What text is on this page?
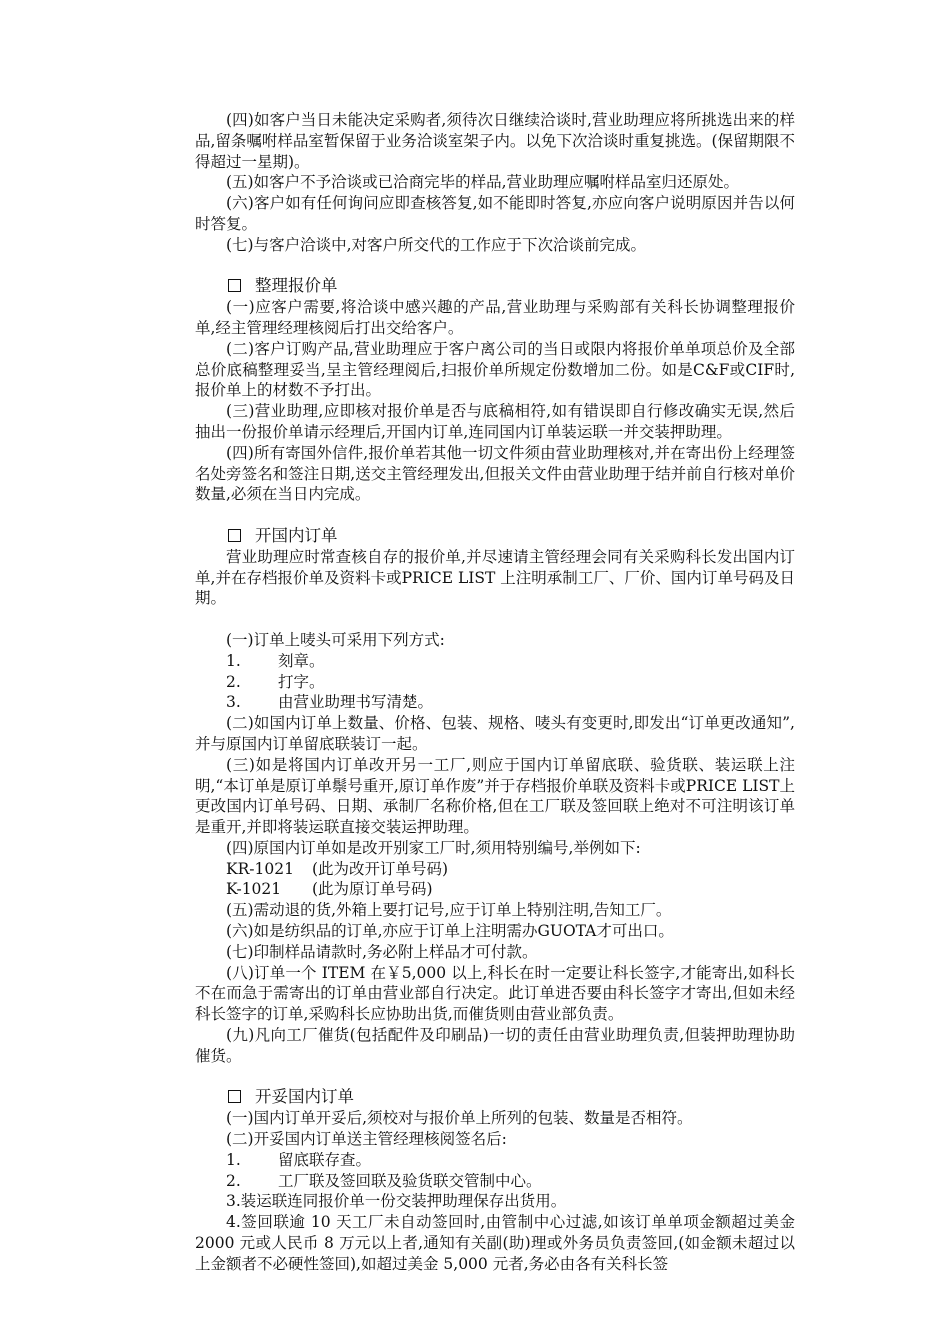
(四)如客户当日未能决定采购者,须待次日继续洽谈时,营业助理应将所挑选出来的样品,留条嘱咐样品室暂保留于业务洽谈室架子内。以免下次洽谈时重复挑选。(保留期限不得超过一星期)。

(五)如客户不予洽谈或已洽商完毕的样品,营业助理应嘱咐样品室归还原处。

(六)客户如有任何询问应即查核答复,如不能即时答复,亦应向客户说明原因并告以何时答复。

(七)与客户洽谈中,对客户所交代的工作应于下次洽谈前完成。

整理报价单

(一)应客户需要,将洽谈中感兴趣的产品,营业助理与采购部有关科长协调整理报价单,经主管理经理核阅后打出交给客户。

(二)客户订购产品,营业助理应于客户离公司的当日或限内将报价单单项总价及全部总价底稿整理妥当,呈主管经理阅后,扫报价单所规定份数增加二份。如是C&F或CIF时,报价单上的材数不予打出。

(三)营业助理,应即核对报价单是否与底稿相符,如有错误即自行修改确实无误,然后抽出一份报价单请示经理后,开国内订单,连同国内订单装运联一并交装押助理。

(四)所有寄国外信件,报价单若其他一切文件须由营业助理核对,并在寄出份上经理签名处旁签名和签注日期,送交主管经理发出,但报关文件由营业助理于结并前自行核对单价数量,必须在当日内完成。

开国内订单

营业助理应时常查核自存的报价单,并尽速请主管经理会同有关采购科长发出国内订单,并在存档报价单及资料卡或PRICE LIST 上注明承制工厂、厂价、国内订单号码及日期。

(一)订单上唛头可采用下列方式:

1.	刻章。

2.	打字。

3.	由营业助理书写清楚。

(二)如国内订单上数量、价格、包装、规格、唛头有变更时,即发出“订单更改通知”,并与原国内订单留底联装订一起。

(三)如是将国内订单改开另一工厂,则应于国内订单留底联、验货联、装运联上注明,“本订单是原订单鬃号重开,原订单作废”并于存档报价单联及资料卡或PRICE LIST上更改国内订单号码、日期、承制厂名称价格,但在工厂联及签回联上绝对不可注明该订单是重开,并即将装运联直接交装运押助理。

(四)原国内订单如是改开别家工厂时,须用特别编号,举例如下:

KR-1021	(此为改开订单号码)

K-1021	(此为原订单号码)

(五)需动退的货,外箱上要打记号,应于订单上特别注明,告知工厂。

(六)如是纺织品的订单,亦应于订单上注明需办GUOTA才可出口。

(七)印制样品请款时,务必附上样品才可付款。

(八)订单一个 ITEM 在￥5,000 以上,科长在时一定要让科长签字,才能寄出,如科长不在而急于需寄出的订单由营业部自行决定。此订单进否要由科长签字才寄出,但如未经科长签字的订单,采购科长应协助出货,而催货则由营业部负责。

(九)凡向工厂催货(包括配件及印刷品)一切的责任由营业助理负责,但装押助理协助催货。

开妥国内订单

(一)国内订单开妥后,须校对与报价单上所列的包装、数量是否相符。

(二)开妥国内订单送主管经理核阅签名后:

1.	留底联存查。

2.	工厂联及签回联及验货联交管制中心。

3.装运联连同报价单一份交装押助理保存出货用。

4.签回联逾 10 天工厂未自动签回时,由管制中心过滤,如该订单单项金额超过美金 2000 元或人民币 8 万元以上者,通知有关副(助)理或外务员负责签回,(如金额未超过以上金额者不必硬性签回),如超过美金 5,000 元者,务必由各有关科长签
